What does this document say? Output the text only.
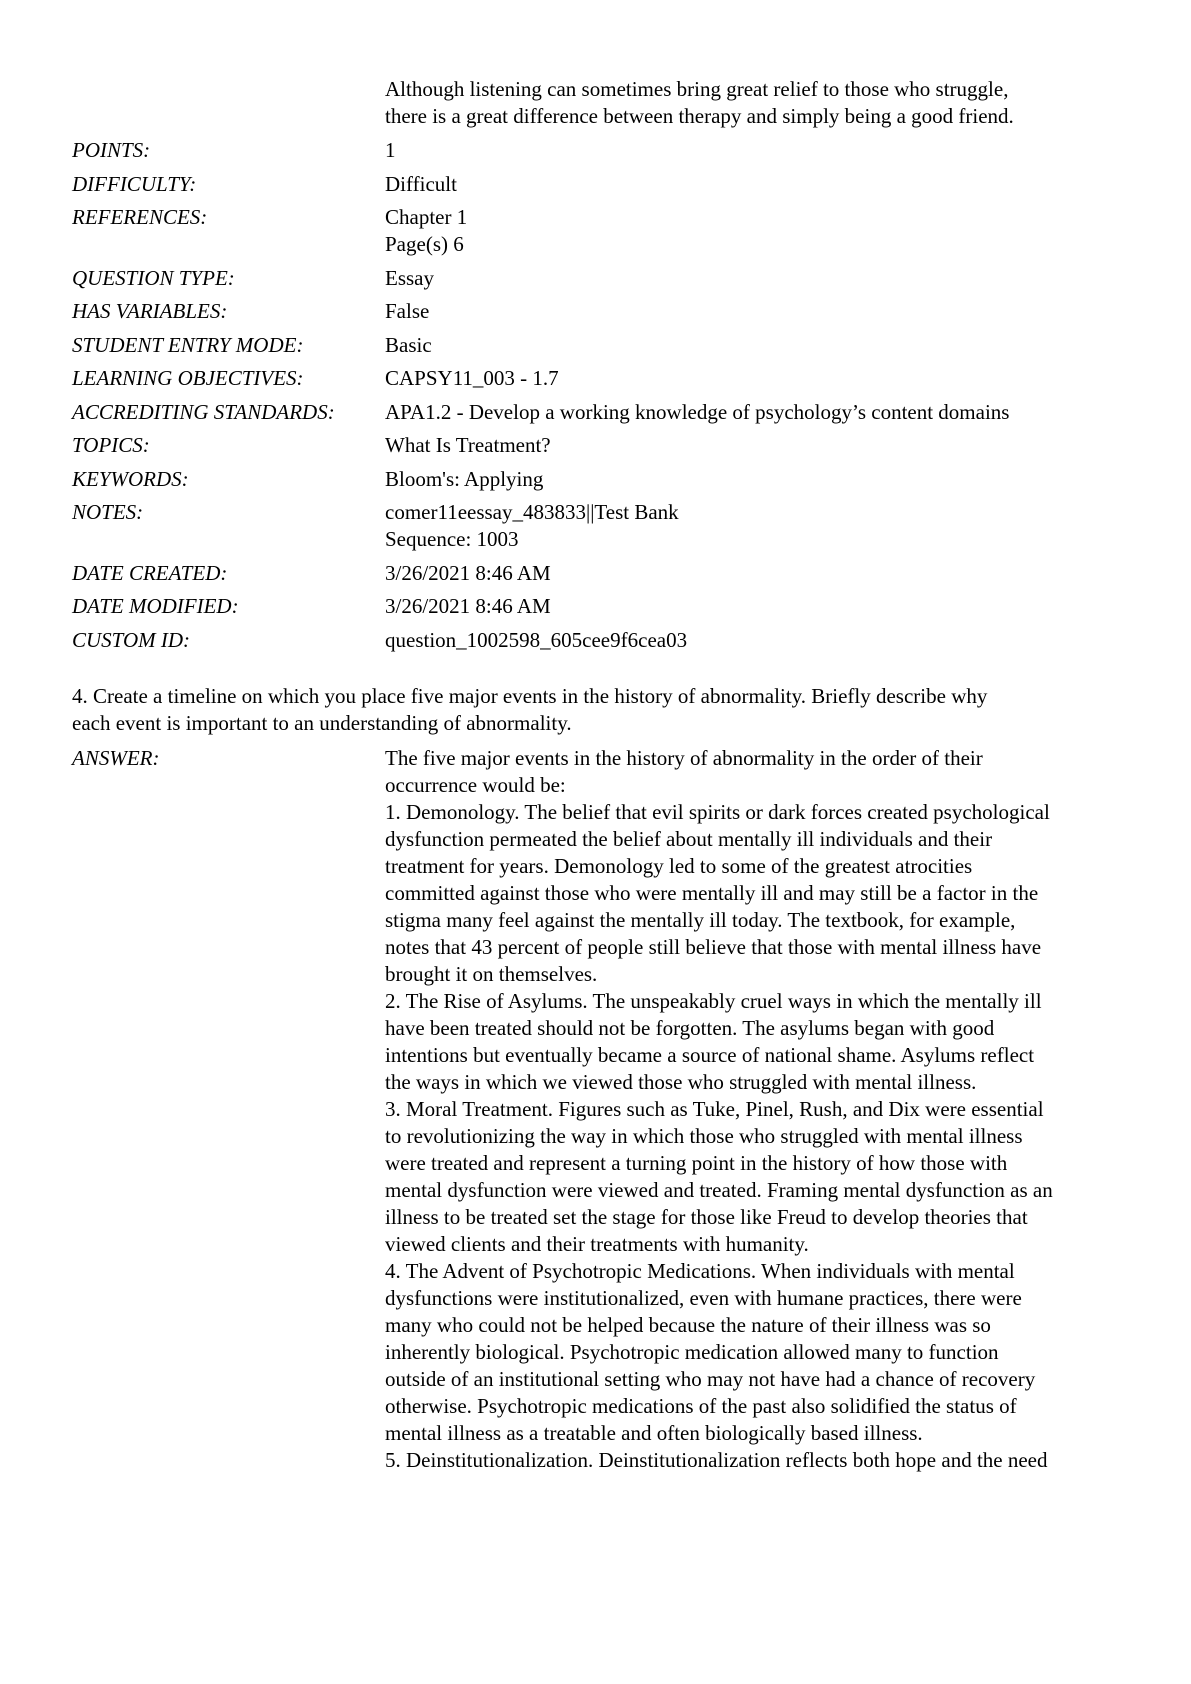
Although listening can sometimes bring great relief to those who struggle,
there is a great difference between therapy and simply being a good friend.
POINTS:	1
DIFFICULTY:	Difficult
REFERENCES:	Chapter 1
Page(s) 6
QUESTION TYPE:	Essay
HAS VARIABLES:	False
STUDENT ENTRY MODE:	Basic
LEARNING OBJECTIVES:	CAPSY11_003 - 1.7
ACCREDITING STANDARDS:	APA1.2 - Develop a working knowledge of psychology’s content domains
TOPICS:	What Is Treatment?
KEYWORDS:	Bloom's: Applying
NOTES:	comer11eessay_483833||Test Bank
Sequence: 1003
DATE CREATED:	3/26/2021 8:46 AM
DATE MODIFIED:	3/26/2021 8:46 AM
CUSTOM ID:	question_1002598_605cee9f6cea03
4. Create a timeline on which you place five major events in the history of abnormality. Briefly describe why
each event is important to an understanding of abnormality.
ANSWER:	The five major events in the history of abnormality in the order of their
occurrence would be:
1. Demonology. The belief that evil spirits or dark forces created psychological
dysfunction permeated the belief about mentally ill individuals and their
treatment for years. Demonology led to some of the greatest atrocities
committed against those who were mentally ill and may still be a factor in the
stigma many feel against the mentally ill today. The textbook, for example,
notes that 43 percent of people still believe that those with mental illness have
brought it on themselves.
2. The Rise of Asylums. The unspeakably cruel ways in which the mentally ill
have been treated should not be forgotten. The asylums began with good
intentions but eventually became a source of national shame. Asylums reflect
the ways in which we viewed those who struggled with mental illness.
3. Moral Treatment. Figures such as Tuke, Pinel, Rush, and Dix were essential
to revolutionizing the way in which those who struggled with mental illness
were treated and represent a turning point in the history of how those with
mental dysfunction were viewed and treated. Framing mental dysfunction as an
illness to be treated set the stage for those like Freud to develop theories that
viewed clients and their treatments with humanity.
4. The Advent of Psychotropic Medications. When individuals with mental
dysfunctions were institutionalized, even with humane practices, there were
many who could not be helped because the nature of their illness was so
inherently biological. Psychotropic medication allowed many to function
outside of an institutional setting who may not have had a chance of recovery
otherwise. Psychotropic medications of the past also solidified the status of
mental illness as a treatable and often biologically based illness.
5. Deinstitutionalization. Deinstitutionalization reflects both hope and the need
